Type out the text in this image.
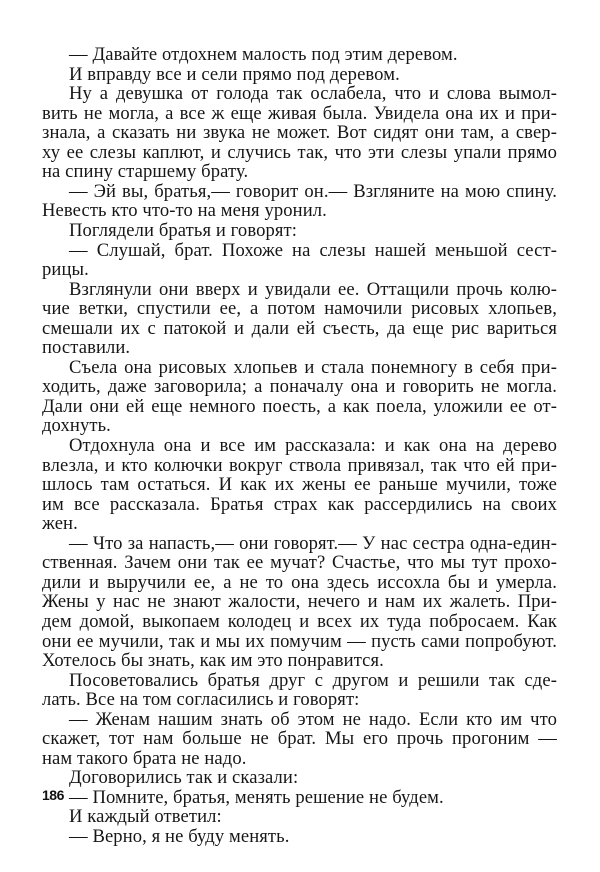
— Давайте отдохнем малость под этим деревом.
И вправду все и сели прямо под деревом.
Ну а девушка от голода так ослабела, что и слова вымол-
вить не могла, а все ж еще живая была. Увидела она их и при-
знала, а сказать ни звука не может. Вот сидят они там, а свер-
ху ее слезы каплют, и случись так, что эти слезы упали прямо
на спину старшему брату.
— Эй вы, братья,— говорит он.— Взгляните на мою спину.
Невесть кто что-то на меня уронил.
Поглядели братья и говорят:
— Слушай, брат. Похоже на слезы нашей меньшой сест-
рицы.
Взглянули они вверх и увидали ее. Оттащили прочь колю-
чие ветки, спустили ее, а потом намочили рисовых хлопьев,
смешали их с патокой и дали ей съесть, да еще рис вариться
поставили.
Съела она рисовых хлопьев и стала понемногу в себя при-
ходить, даже заговорила; а поначалу она и говорить не могла.
Дали они ей еще немного поесть, а как поела, уложили ее от-
дохнуть.
Отдохнула она и все им рассказала: и как она на дерево
влезла, и кто колючки вокруг ствола привязал, так что ей при-
шлось там остаться. И как их жены ее раньше мучили, тоже
им все рассказала. Братья страх как рассердились на своих
жен.
— Что за напасть,— они говорят.— У нас сестра одна-един-
ственная. Зачем они так ее мучат? Счастье, что мы тут прохо-
дили и выручили ее, а не то она здесь иссохла бы и умерла.
Жены у нас не знают жалости, нечего и нам их жалеть. При-
дем домой, выкопаем колодец и всех их туда побросаем. Как
они ее мучили, так и мы их помучим — пусть сами попробуют.
Хотелось бы знать, как им это понравится.
Посоветовались братья друг с другом и решили так сде-
лать. Все на том согласились и говорят:
— Женам нашим знать об этом не надо. Если кто им что
скажет, тот нам больше не брат. Мы его прочь прогоним —
нам такого брата не надо.
Договорились так и сказали:
— Помните, братья, менять решение не будем.
И каждый ответил:
— Верно, я не буду менять.
186
